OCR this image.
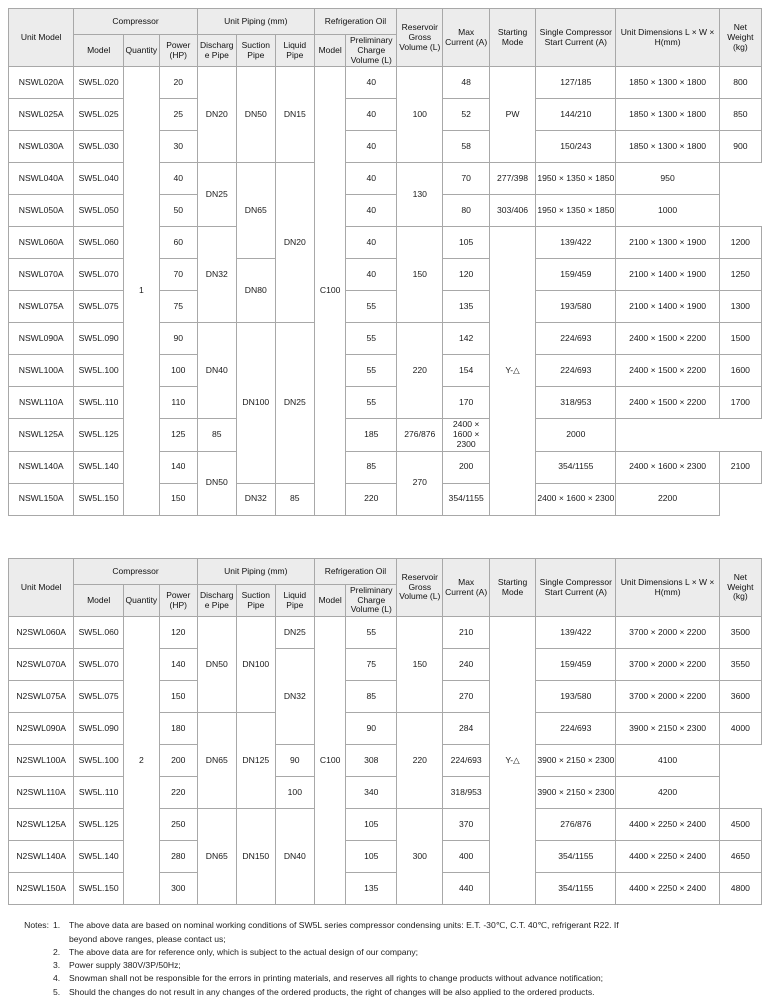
Unit Model	Compressor			Unit Piping (mm)			Refrigeration Oil		Reservoir Gross Volume (L)	Max Current (A)	Starting Mode	Single Compressor Start Current (A)	Unit Dimensions L × W × H(mm)	Net Weight (kg)
	Model	Quantity	Power (HP)	Discharge Pipe	Suction Pipe	Liquid Pipe	Model	Preliminary Charge Volume (L)						
NSWL020A	SW5L.020	1	20	DN20	DN50	DN15	C100	40	100	48	PW	127/185	1850 × 1300 × 1800	800
NSWL025A	SW5L.025		25					40		52		144/210	1850 × 1300 × 1800	850
NSWL030A	SW5L.030		30					40		58		150/243	1850 × 1300 × 1800	900
NSWL040A	SW5L.040		40	DN25	DN65	DN20		40	130	70	277/398	1950 × 1350 × 1850	950	
NSWL050A	SW5L.050		50					40		80	303/406	1950 × 1350 × 1850	1000	
NSWL060A	SW5L.060		60	DN32				40	150	105	Y-△	139/422	2100 × 1300 × 1900	1200
NSWL070A	SW5L.070		70		DN80			40		120		159/459	2100 × 1400 × 1900	1250
NSWL075A	SW5L.075		75					55		135		193/580	2100 × 1400 × 1900	1300
NSWL090A	SW5L.090		90	DN40	DN100	DN25		55	220	142		224/693	2400 × 1500 × 2200	1500
NSWL100A	SW5L.100		100					55		154		224/693	2400 × 1500 × 2200	1600
NSWL110A	SW5L.110		110					55		170		318/953	2400 × 1500 × 2200	1700
NSWL125A	SW5L.125		125	85				185	276/876	2400 × 1600 × 2300		2000		
NSWL140A	SW5L.140		140	DN50				85	270	200		354/1155	2400 × 1600 × 2300	2100
NSWL150A	SW5L.150		150		DN32	85		220		354/1155		2400 × 1600 × 2300	2200	
Unit Model	Compressor			Unit Piping (mm)			Refrigeration Oil		Reservoir Gross Volume (L)	Max Current (A)	Starting Mode	Single Compressor Start Current (A)	Unit Dimensions L × W × H(mm)	Net Weight (kg)
	Model	Quantity	Power (HP)	Discharge Pipe	Suction Pipe	Liquid Pipe	Model	Preliminary Charge Volume (L)						
N2SWL060A	SW5L.060	2	120	DN50	DN100	DN25	C100	55	150	210	Y-△	139/422	3700 × 2000 × 2200	3500
N2SWL070A	SW5L.070		140			DN32		75		240		159/459	3700 × 2000 × 2200	3550
N2SWL075A	SW5L.075		150					85		270		193/580	3700 × 2000 × 2200	3600
N2SWL090A	SW5L.090		180	DN65	DN125			90	220	284		224/693	3900 × 2150 × 2300	4000
N2SWL100A	SW5L.100		200			90		308		224/693		3900 × 2150 × 2300	4100	
N2SWL110A	SW5L.110		220			100		340		318/953		3900 × 2150 × 2300	4200	
N2SWL125A	SW5L.125		250	DN65	DN150	DN40		105	300	370		276/876	4400 × 2250 × 2400	4500
N2SWL140A	SW5L.140		280					105		400		354/1155	4400 × 2250 × 2400	4650
N2SWL150A	SW5L.150		300					135		440		354/1155	4400 × 2250 × 2400	4800
Notes: 1.	The above data are based on nominal working conditions of SW5L series compressor condensing units: E.T. -30℃, C.T. 40℃, refrigerant R22. If
beyond above ranges, please contact us;
2.	The above data are for reference only, which is subject to the actual design of our company;
3.	Power supply 380V/3P/50Hz;
4.	Snowman shall not be responsible for the errors in printing materials, and reserves all rights to change products without advance notification;
5.	Should the changes do not result in any changes of the ordered products, the right of changes will be also applied to the ordered products.
